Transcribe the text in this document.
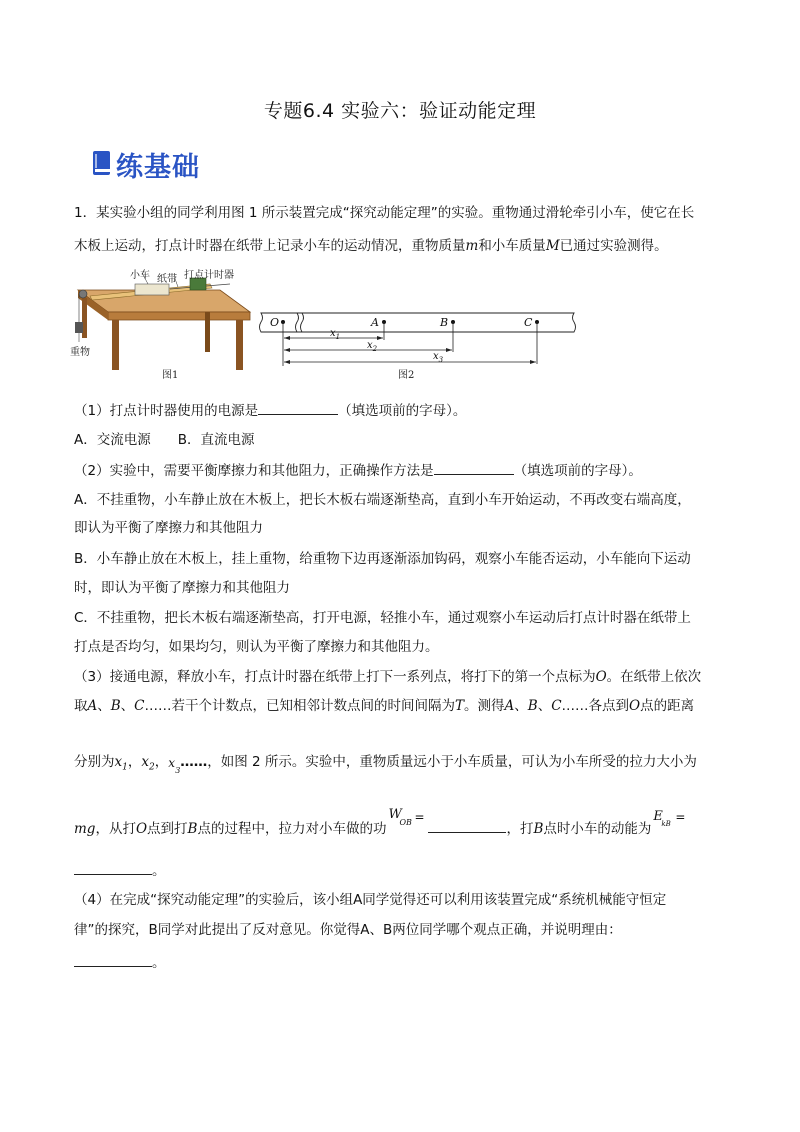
专题6.4 实验六：验证动能定理
练基础
1．某实验小组的同学利用图 1 所示装置完成“探究动能定理”的实验。重物通过滑轮牵引小车，使它在长
木板上运动，打点计时器在纸带上记录小车的运动情况，重物质量m和小车质量M已通过实验测得。
小车 纸带 打点计时器
重物
图1
O	A	B	C
$x_1$
$x_2$
$x_3$
图2
（1）打点计时器使用的电源是	（填选项前的字母）。
A．交流电源　　B．直流电源
（2）实验中，需要平衡摩擦力和其他阻力，正确操作方法是	（填选项前的字母）。
A．不挂重物，小车静止放在木板上，把长木板右端逐渐垫高，直到小车开始运动，不再改变右端高度，
即认为平衡了摩擦力和其他阻力
B．小车静止放在木板上，挂上重物，给重物下边再逐渐添加钩码，观察小车能否运动，小车能向下运动
时，即认为平衡了摩擦力和其他阻力
C．不挂重物，把长木板右端逐渐垫高，打开电源，轻推小车，通过观察小车运动后打点计时器在纸带上
打点是否均匀，如果均匀，则认为平衡了摩擦力和其他阻力。
（3）接通电源，释放小车，打点计时器在纸带上打下一系列点，将打下的第一个点标为O。在纸带上依次
取A、B、C……若干个计数点，已知相邻计数点间的时间间隔为T。测得A、B、C……各点到O点的距离
分别为$x_1$，$x_2$， x
3
……，如图 2 所示。实验中，重物质量远小于小车质量，可认为小车所受的拉力大小为
mg，从打O点到打B点的过程中，拉力对小车做的功
W
OB =
，打B点时小车的动能为
E
kB =
。
（4）在完成“探究动能定理”的实验后，该小组A同学觉得还可以利用该装置完成“系统机械能守恒定
律”的探究，B同学对此提出了反对意见。你觉得A、B两位同学哪个观点正确，并说明理由：
。
